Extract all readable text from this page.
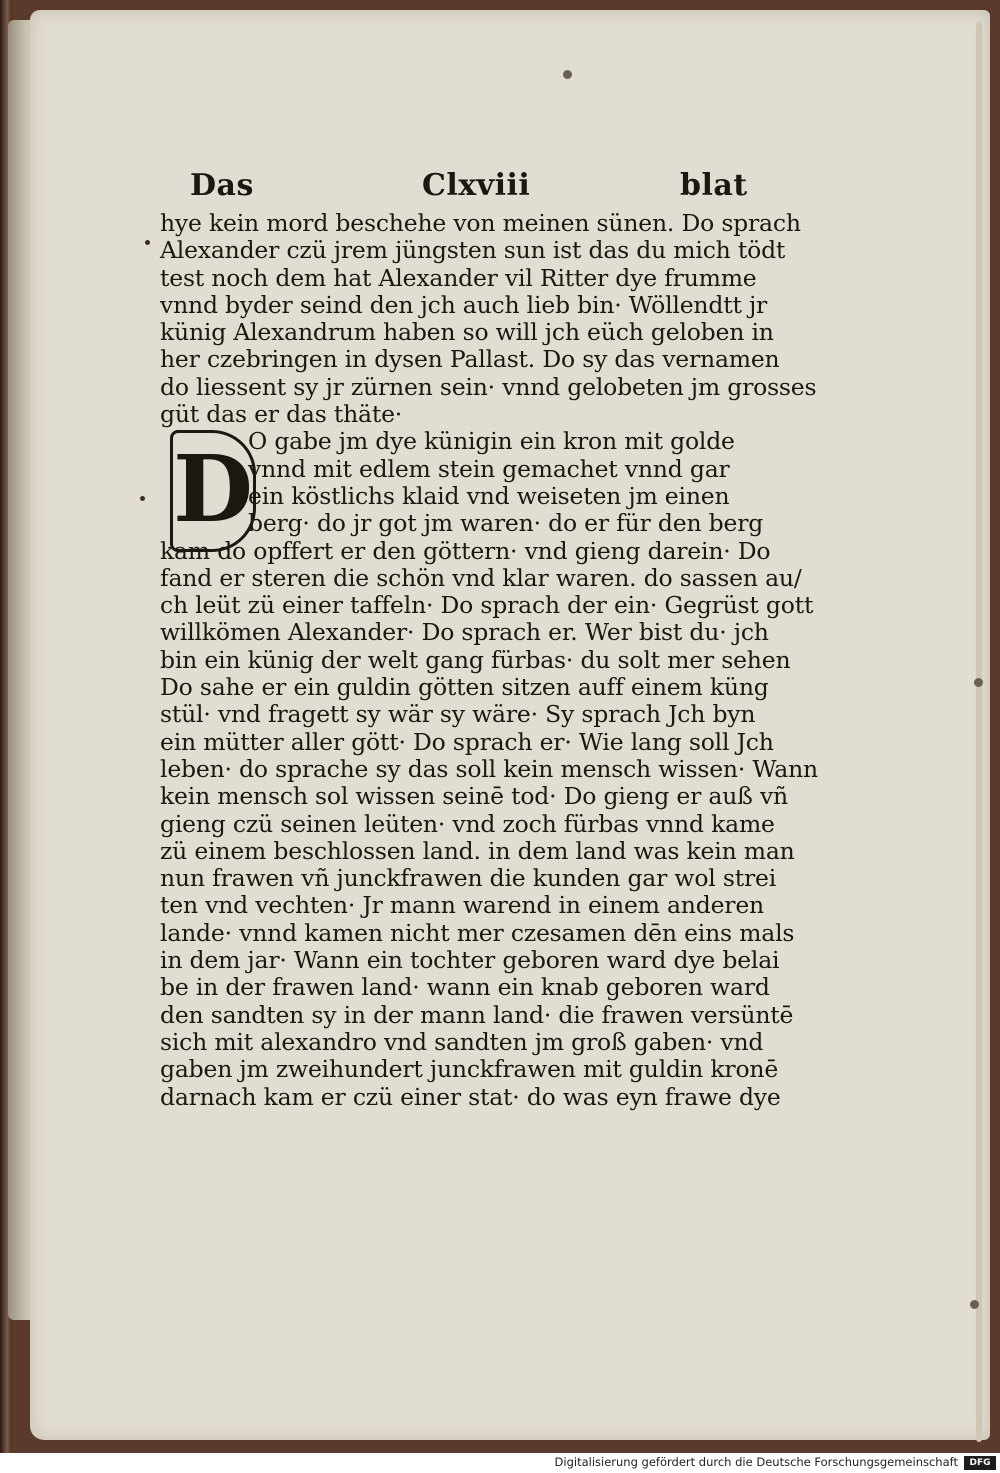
Das	Clxviii	blat
D
hye kein mord beschehe von meinen sünen. Do sprach
Alexander czü jrem jüngsten sun ist das du mich tödt
test noch dem hat Alexander vil Ritter dye frumme
vnnd byder seind den jch auch lieb bin· Wöllendtt jr
künig Alexandrum haben so will jch eüch geloben in
her czebringen in dysen Pallast. Do sy das vernamen
do liessent sy jr zürnen sein· vnnd gelobeten jm grosses
güt das er das thäte·
O gabe jm dye künigin ein kron mit golde
vnnd mit edlem stein gemachet vnnd gar
ein köstlichs klaid vnd weiseten jm einen
berg· do jr got jm waren· do er für den berg
kam do opffert er den göttern· vnd gieng darein· Do
fand er steren die schön vnd klar waren. do sassen au/
ch leüt zü einer taffeln· Do sprach der ein· Gegrüst gott
willkömen Alexander· Do sprach er. Wer bist du· jch
bin ein künig der welt gang fürbas· du solt mer sehen
Do sahe er ein guldin götten sitzen auff einem küng
stül· vnd fragett sy wär sy wäre· Sy sprach Jch byn
ein mütter aller gött· Do sprach er· Wie lang soll Jch
leben· do sprache sy das soll kein mensch wissen· Wann
kein mensch sol wissen seinē tod· Do gieng er auß vñ
gieng czü seinen leüten· vnd zoch fürbas vnnd kame
zü einem beschlossen land. in dem land was kein man
nun frawen vñ junckfrawen die kunden gar wol strei
ten vnd vechten· Jr mann warend in einem anderen
lande· vnnd kamen nicht mer czesamen dēn eins mals
in dem jar· Wann ein tochter geboren ward dye belai
be in der frawen land· wann ein knab geboren ward
den sandten sy in der mann land· die frawen versüntē
sich mit alexandro vnd sandten jm groß gaben· vnd
gaben jm zweihundert junckfrawen mit guldin kronē
darnach kam er czü einer stat· do was eyn frawe dye
Digitalisierung gefördert durch die Deutsche Forschungsgemeinschaft	DFG
